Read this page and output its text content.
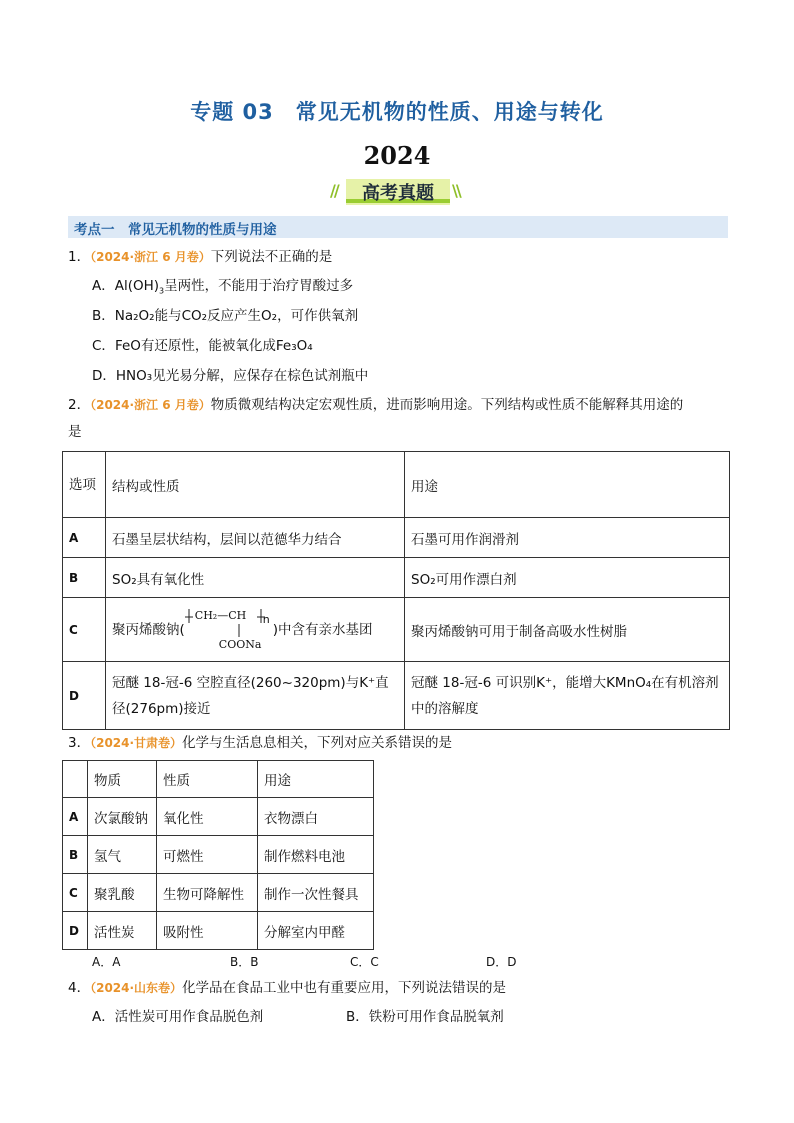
专题 03　常见无机物的性质、用途与转化
2024
//	\\
高考真题
考点一　常见无机物的性质与用途
1．（2024·浙江 6 月卷）下列说法不正确的是
A．$Al(OH)_3$呈两性，不能用于治疗胃酸过多
B．Na₂O₂能与CO₂反应产生O₂，可作供氧剂
C．FeO有还原性，能被氧化成Fe₃O₄
D．HNO₃见光易分解，应保存在棕色试剂瓶中
2．（2024·浙江 6 月卷）物质微观结构决定宏观性质，进而影响用途。下列结构或性质不能解释其用途的
是
选项	结构或性质	用途
A	石墨呈层状结构，层间以范德华力结合	石墨可用作润滑剂
B	SO₂具有氧化性	SO₂可用作漂白剂
C	聚丙烯酸钠(
CH₂—CH n
COONa
)中含有亲水基团	聚丙烯酸钠可用于制备高吸水性树脂
D	冠醚 18-冠-6 空腔直径(260~320pm)与K⁺直径(276pm)接近	冠醚 18-冠-6 可识别K⁺，能增大KMnO₄在有机溶剂中的溶解度
3．（2024·甘肃卷）化学与生活息息相关，下列对应关系错误的是
	物质	性质	用途
A	次氯酸钠	氧化性	衣物漂白
B	氢气	可燃性	制作燃料电池
C	聚乳酸	生物可降解性	制作一次性餐具
D	活性炭	吸附性	分解室内甲醛
A．A	B．B	C．C	D．D
4．（2024·山东卷）化学品在食品工业中也有重要应用，下列说法错误的是
A．活性炭可用作食品脱色剂	B．铁粉可用作食品脱氧剂
